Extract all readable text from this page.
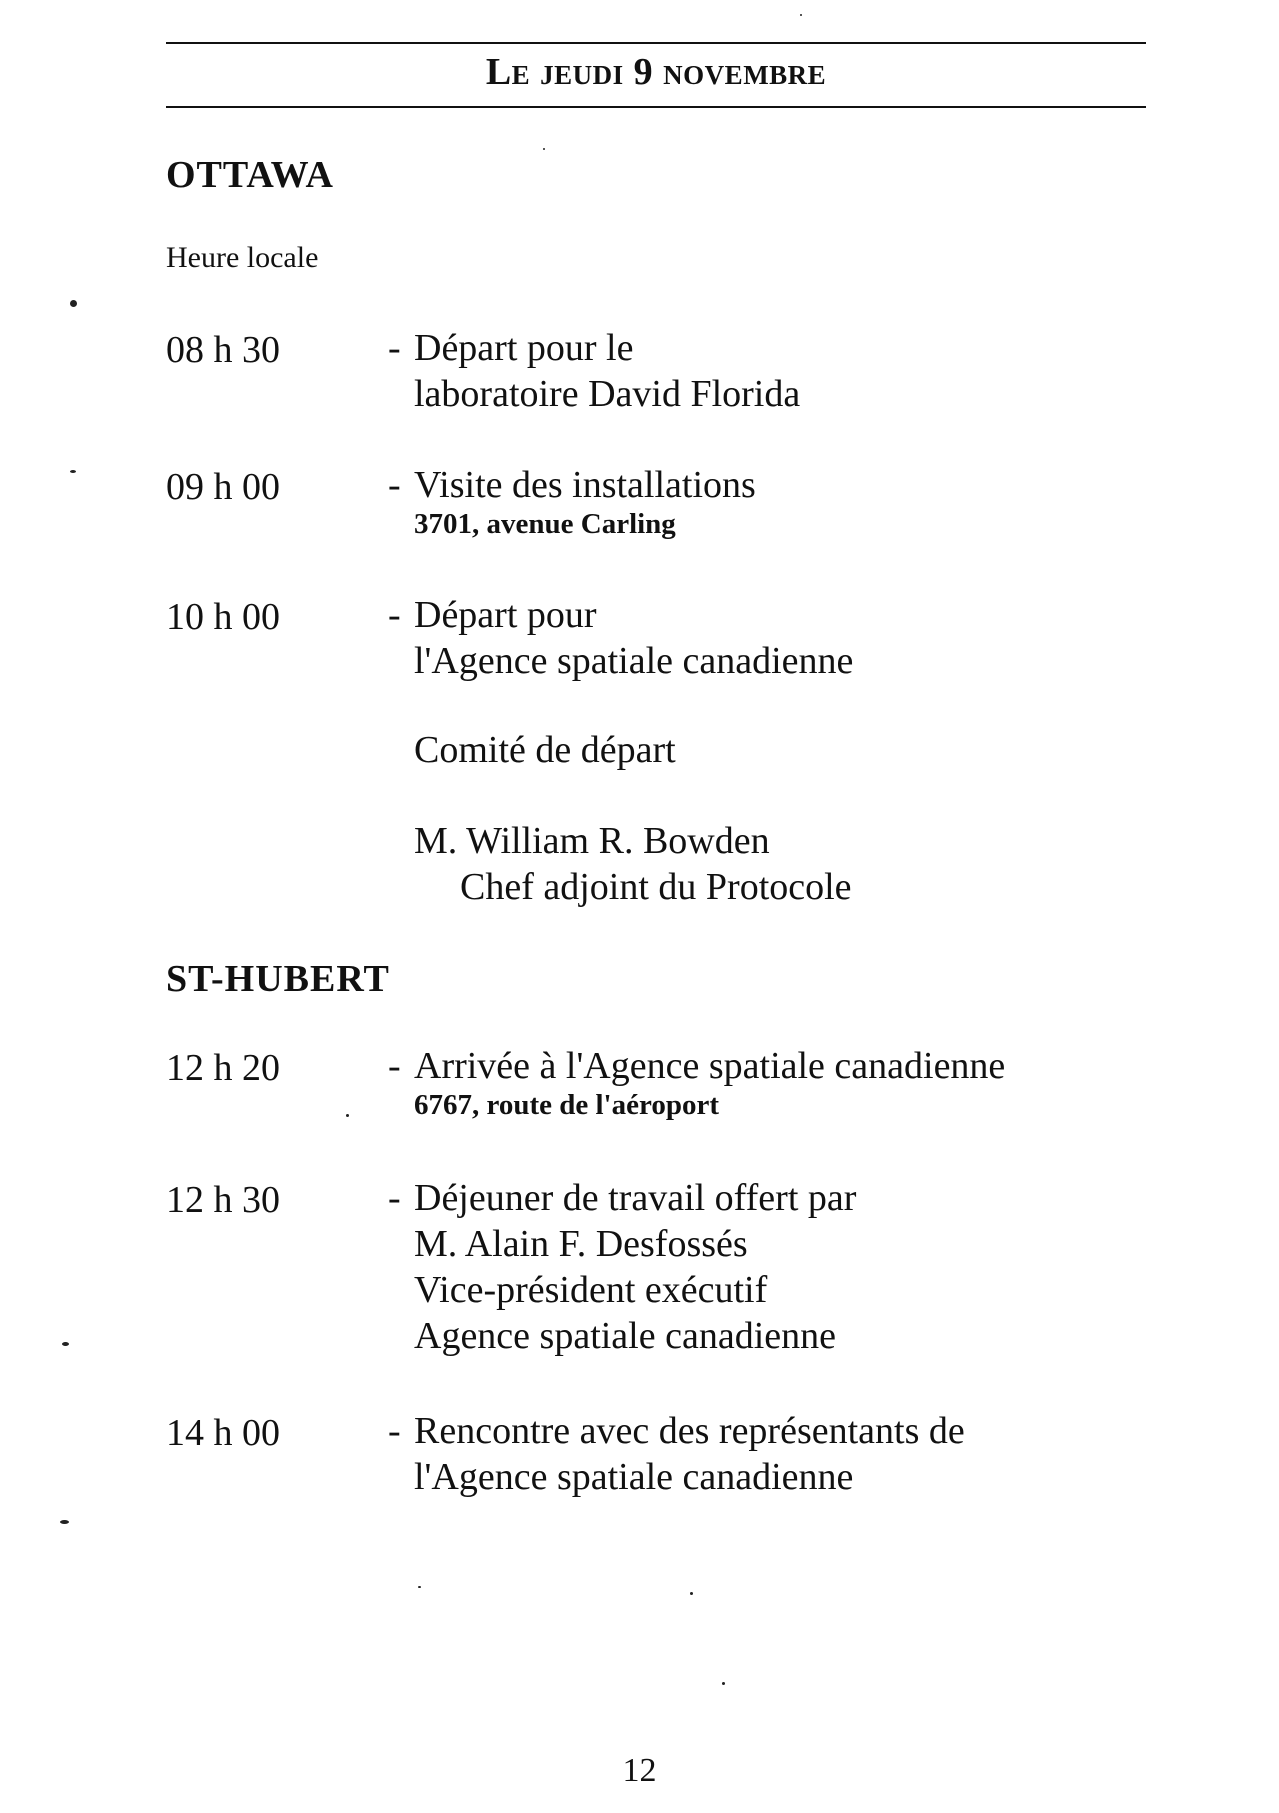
Le jeudi 9 novembre
OTTAWA
Heure locale
08 h 30	- Départ pour le
laboratoire David Florida
09 h 00	- Visite des installations
3701, avenue Carling
10 h 00	- Départ pour
l'Agence spatiale canadienne
Comité de départ
M. William R. Bowden
Chef adjoint du Protocole
ST-HUBERT
12 h 20	- Arrivée à l'Agence spatiale canadienne
6767, route de l'aéroport
12 h 30	- Déjeuner de travail offert par
M. Alain F. Desfossés
Vice-président exécutif
Agence spatiale canadienne
14 h 00	- Rencontre avec des représentants de
l'Agence spatiale canadienne
12
